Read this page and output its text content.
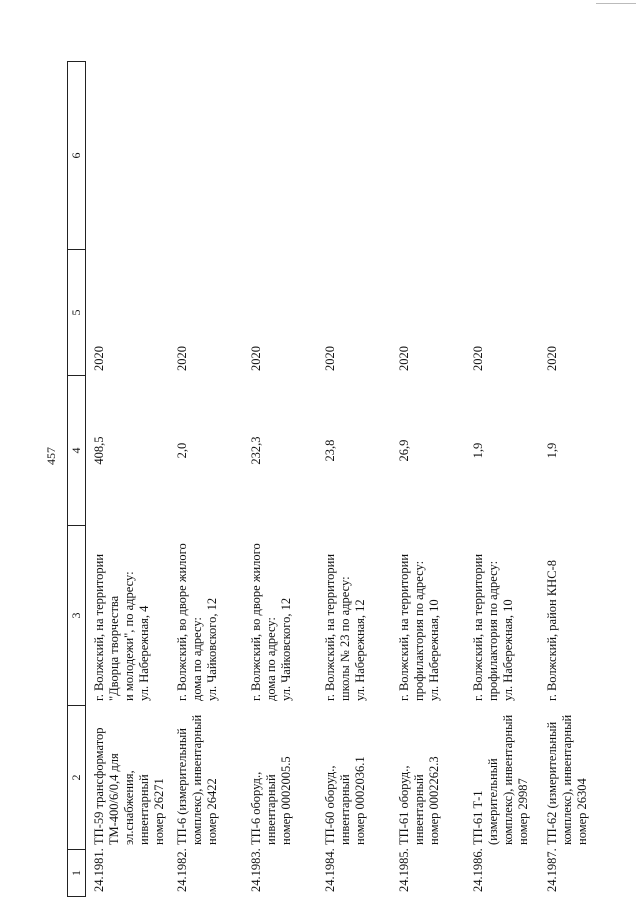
457
1	2	3	4	5	6
24.1981.	ТП-59 трансформатор ТМ-400/6/0,4 для эл.снабжения, инвентарный номер 26271	г. Волжский, на территории "Дворца творчества и молодежи", по адресу: ул. Набережная, 4	408,5	2020	
24.1982.	ТП-6 (измерительный комплекс), инвентарный номер 26422	г. Волжский, во дворе жилого дома по адресу: ул. Чайковского, 12	2,0	2020	
24.1983.	ТП-6 оборуд., инвентарный номер 0002005.5	г. Волжский, во дворе жилого дома по адресу: ул. Чайковского, 12	232,3	2020	
24.1984.	ТП-60 оборуд., инвентарный номер 0002036.1	г. Волжский, на территории школы № 23 по адресу: ул. Набережная, 12	23,8	2020	
24.1985.	ТП-61 оборуд., инвентарный номер 0002262.3	г. Волжский, на территории профилактория по адресу: ул. Набережная, 10	26,9	2020	
24.1986.	ТП-61 Т-1 (измерительный комплекс), инвентарный номер 29987	г. Волжский, на территории профилактория по адресу: ул. Набережная, 10	1,9	2020	
24.1987.	ТП-62 (измерительный комплекс), инвентарный номер 26304	г. Волжский, район КНС-8	1,9	2020	
